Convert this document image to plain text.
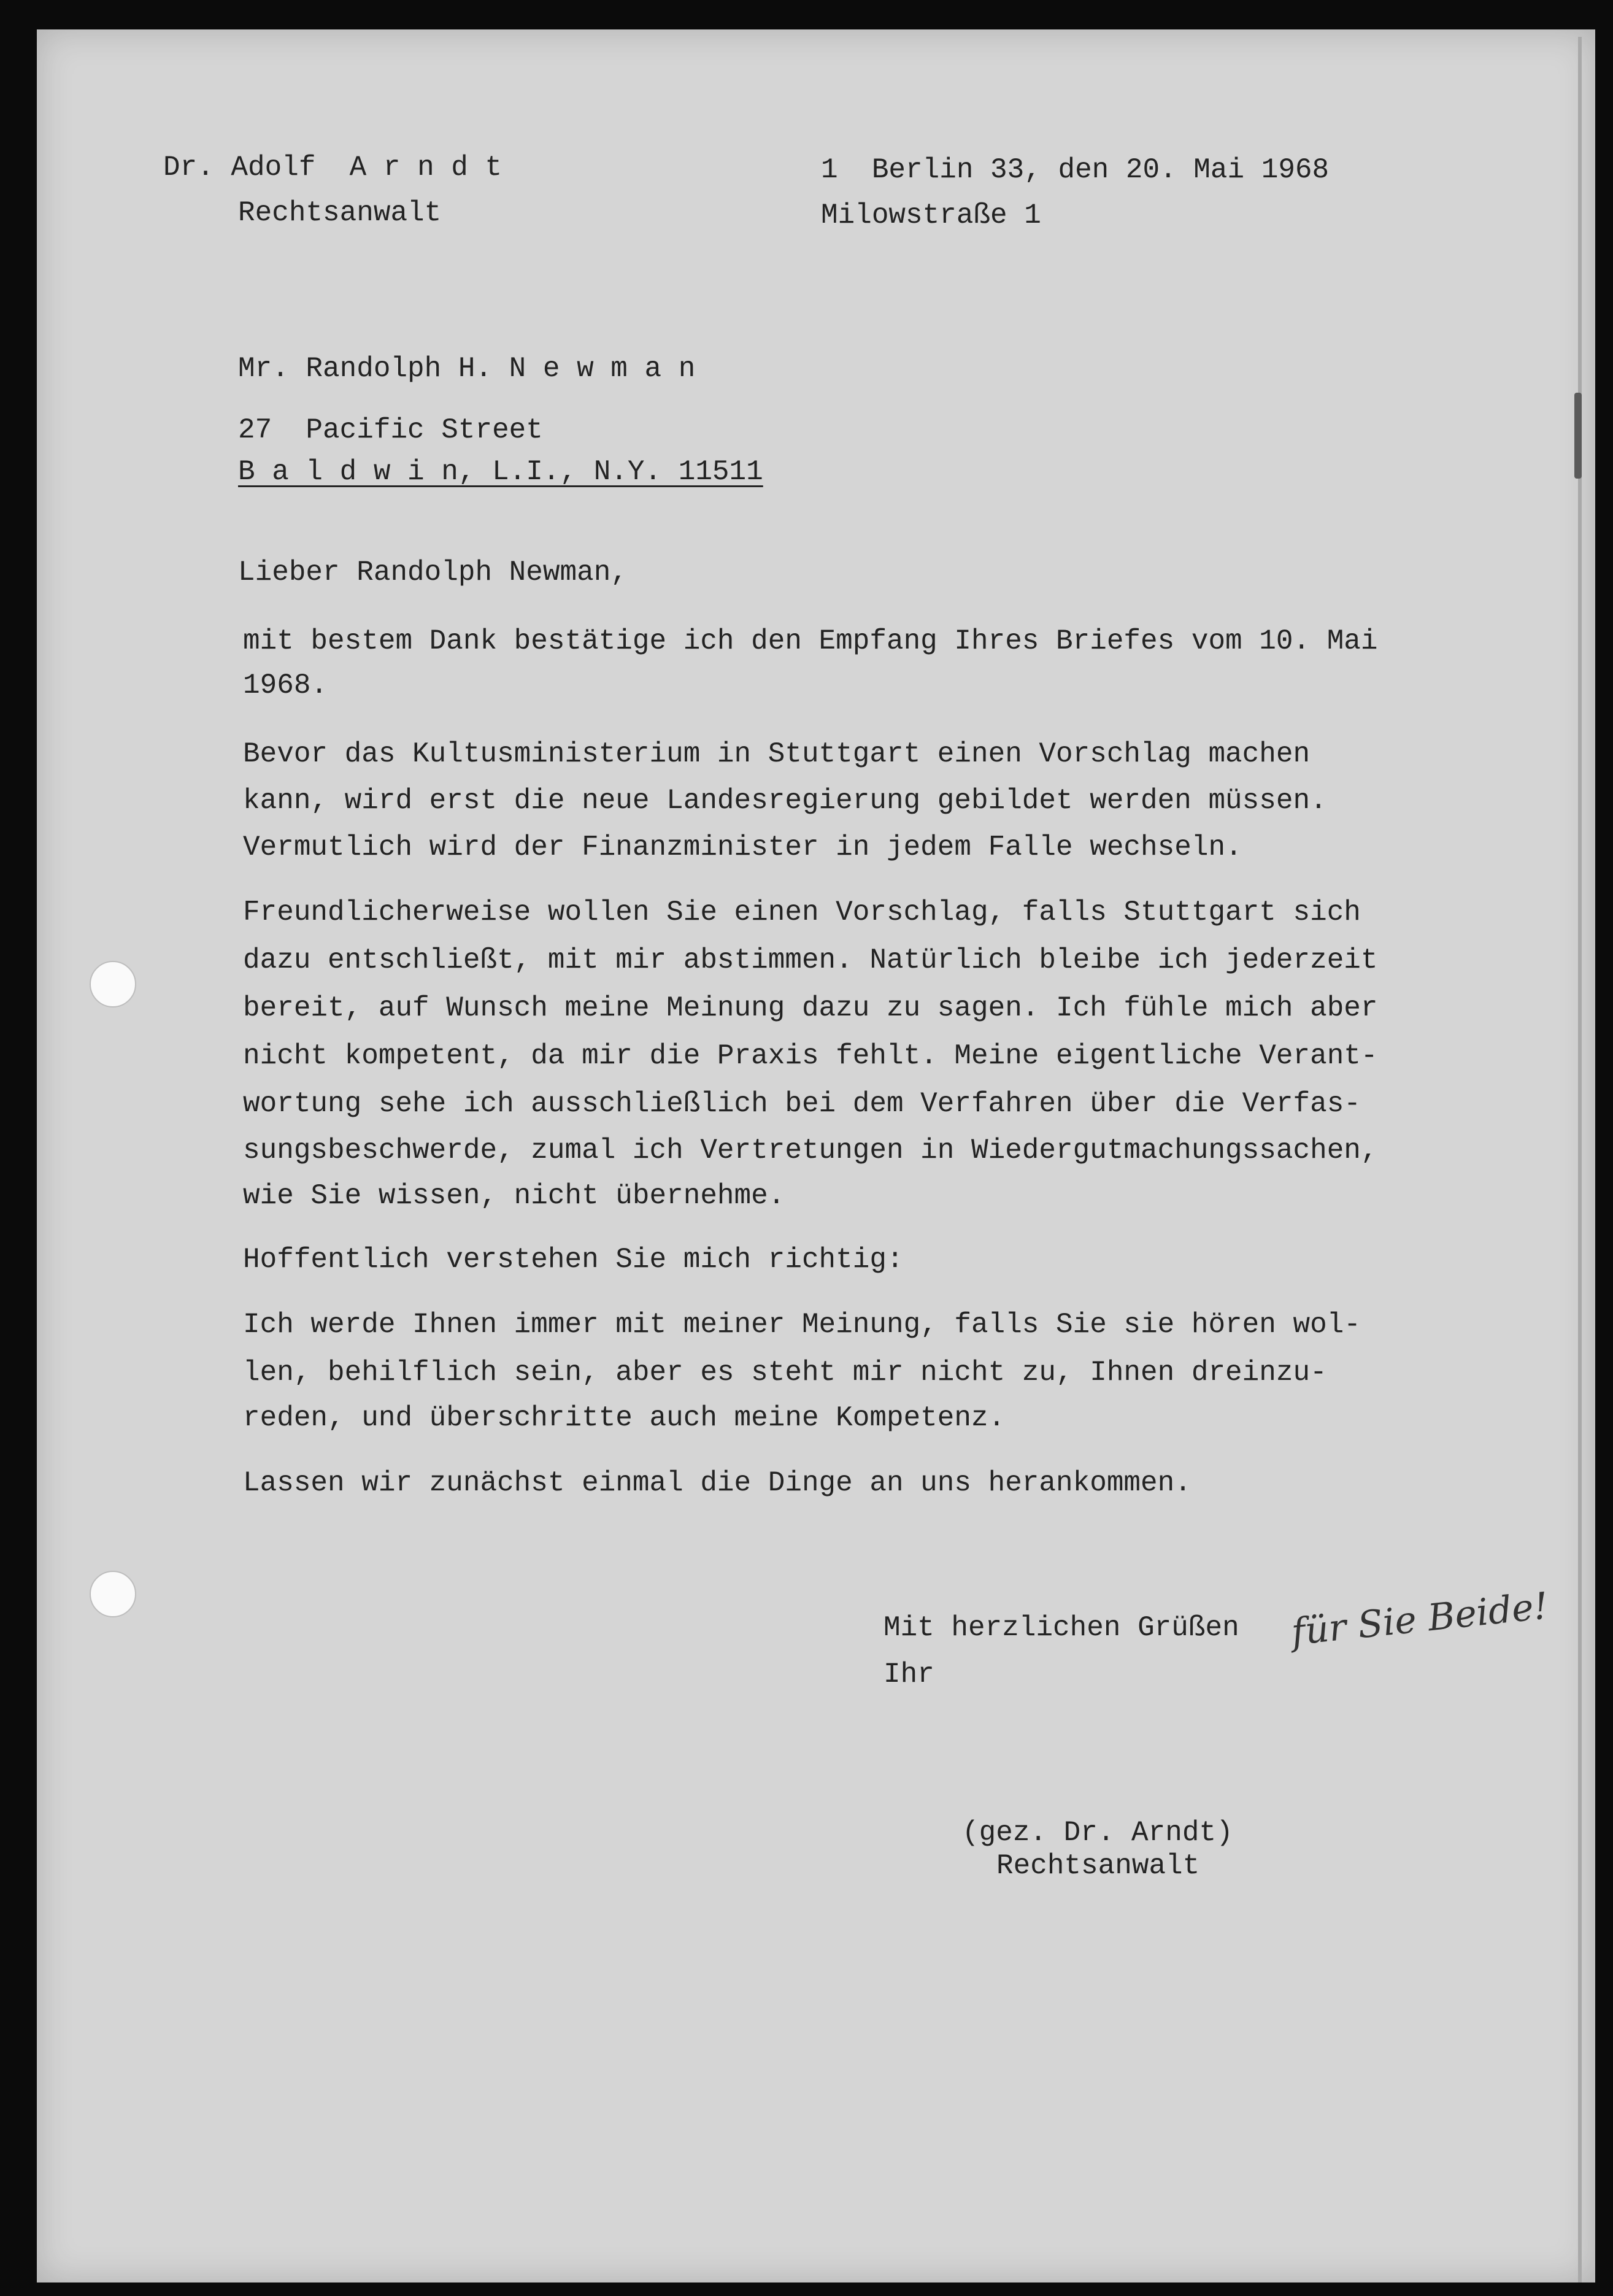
Dr. Adolf  A r n d t

Rechtsanwalt

1  Berlin 33, den 20. Mai 1968

Milowstraße 1

Mr. Randolph H. N e w m a n

27  Pacific Street

B a l d w i n, L.I., N.Y. 11511

Lieber Randolph Newman,

mit bestem Dank bestätige ich den Empfang Ihres Briefes vom 10. Mai

1968.

Bevor das Kultusministerium in Stuttgart einen Vorschlag machen

kann, wird erst die neue Landesregierung gebildet werden müssen.

Vermutlich wird der Finanzminister in jedem Falle wechseln.

Freundlicherweise wollen Sie einen Vorschlag, falls Stuttgart sich

dazu entschließt, mit mir abstimmen. Natürlich bleibe ich jederzeit

bereit, auf Wunsch meine Meinung dazu zu sagen. Ich fühle mich aber

nicht kompetent, da mir die Praxis fehlt. Meine eigentliche Verant-

wortung sehe ich ausschließlich bei dem Verfahren über die Verfas-

sungsbeschwerde, zumal ich Vertretungen in Wiedergutmachungssachen,

wie Sie wissen, nicht übernehme.

Hoffentlich verstehen Sie mich richtig:

Ich werde Ihnen immer mit meiner Meinung, falls Sie sie hören wol-

len, behilflich sein, aber es steht mir nicht zu, Ihnen dreinzu-

reden, und überschritte auch meine Kompetenz.

Lassen wir zunächst einmal die Dinge an uns herankommen.

Mit herzlichen Grüßen für Sie Beide!

Ihr

(gez. Dr. Arndt)

Rechtsanwalt
